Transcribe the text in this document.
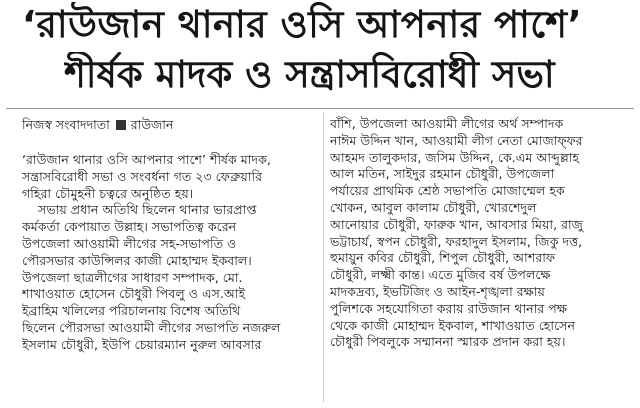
‘রাউজান থানার ওসি আপনার পাশে’
শীর্ষক মাদক ও সন্ত্রাসবিরোধী সভা
নিজস্ব সংবাদদাতা রাউজান
‘রাউজান থানার ওসি আপনার পাশে’ শীর্ষক মাদক,
সন্ত্রাসবিরোধী সভা ও সংবর্ধনা গত ২৩ ফেব্রুয়ারি
গহিরা চৌমুহনী চত্বরে অনুষ্ঠিত হয়।
সভায় প্রধান অতিথি ছিলেন থানার ভারপ্রাপ্ত
কর্মকর্তা কেপায়াত উল্লাহ। সভাপতিত্ব করেন
উপজেলা আওয়ামী লীগের সহ-সভাপতি ও
পৌরসভার কাউন্সিলর কাজী মোহাম্মদ ইকবাল।
উপজেলা ছাত্রলীগের সাধারণ সম্পাদক, মো.
শাখাওয়াত হোসেন চৌধুরী পিবলু ও এস.আই
ইব্রাহিম খলিলের পরিচালনায় বিশেষ অতিথি
ছিলেন পৌরসভা আওয়ামী লীগের সভাপতি নজরুল
ইসলাম চৌধুরী, ইউপি চেয়ারম্যান নুরুল আবসার
বাঁশি, উপজেলা আওয়ামী লীগের অর্থ সম্পাদক
নাঈম উদ্দিন খান, আওয়ামী লীগ নেতা মোজাফ্ফর
আহমদ তালুকদার, জসিম উদ্দিন, কে.এম আব্দুল্লাহ
আল মতিন, সাইদুর রহমান চৌধুরী, উপজেলা
পর্যায়ের প্রাথমিক শ্রেষ্ঠ সভাপতি মোজাম্মেল হক
খোকন, আবুল কালাম চৌধুরী, খোরশেদুল
আনোয়ার চৌধুরী, ফারুক খান, আবসার মিয়া, রাজু
ভট্টাচার্য, স্বপন চৌধুরী, ফরহাদুল ইসলাম, জিকু দত্ত,
হুমায়ুন কবির চৌধুরী, শিপুল চৌধুরী, আশরাফ
চৌধুরী, লক্ষ্মী কান্ত। এতে মুজিব বর্ষ উপলক্ষে
মাদকদ্রব্য, ইভটিজিং ও আইন-শৃঙ্খলা রক্ষায়
পুলিশকে সহযোগিতা করায় রাউজান থানার পক্ষ
থেকে কাজী মোহাম্মদ ইকবাল, শাখাওয়াত হোসেন
চৌধুরী পিবলুকে সম্মাননা স্মারক প্রদান করা হয়।
